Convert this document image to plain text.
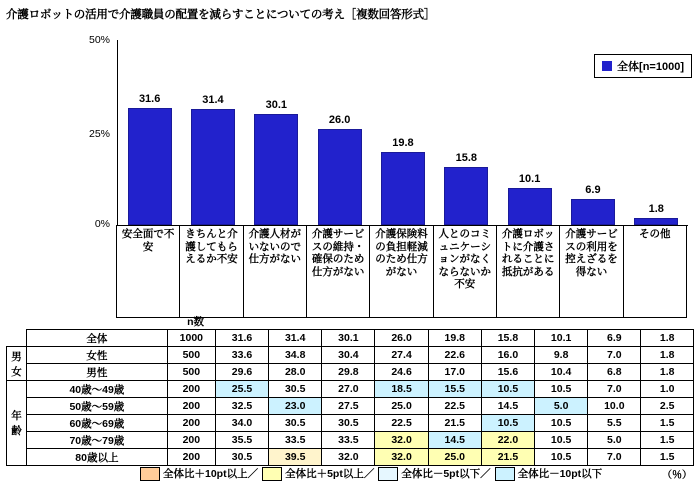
介護ロボットの活用で介護職員の配置を減らすことについての考え［複数回答形式］
50%
25%
0%
全体[n=1000]
31.6	31.4	30.1
26.0
19.8
15.8
10.1
6.9
1.8
安全面で不安
きちんと介護してもらえるか不安
介護人材がいないので仕方がない
介護サービスの維持・確保のため仕方がない
介護保険料の負担軽減のため仕方がない
人とのコミュニケーションがなくならないか不安
介護ロボットに介護されることに抵抗がある
介護サービスの利用を控えざるを得ない
その他
n数
	全体	1000	31.6	31.4	30.1	26.0	19.8	15.8	10.1	6.9	1.8
男
女	女性	500	33.6	34.8	30.4	27.4	22.6	16.0	9.8	7.0	1.8
	男性	500	29.6	28.0	29.8	24.6	17.0	15.6	10.4	6.8	1.8
年
齢	40歳～49歳	200	25.5	30.5	27.0	18.5	15.5	10.5	10.5	7.0	1.0
	50歳～59歳	200	32.5	23.0	27.5	25.0	22.5	14.5	5.0	10.0	2.5
	60歳～69歳	200	34.0	30.5	30.5	22.5	21.5	10.5	10.5	5.5	1.5
	70歳～79歳	200	35.5	33.5	33.5	32.0	14.5	22.0	10.5	5.0	1.5
	80歳以上	200	30.5	39.5	32.0	32.0	25.0	21.5	10.5	7.0	1.5
全体比＋10pt以上／	全体比＋5pt以上／	全体比－5pt以下／	全体比－10pt以下	（％）
